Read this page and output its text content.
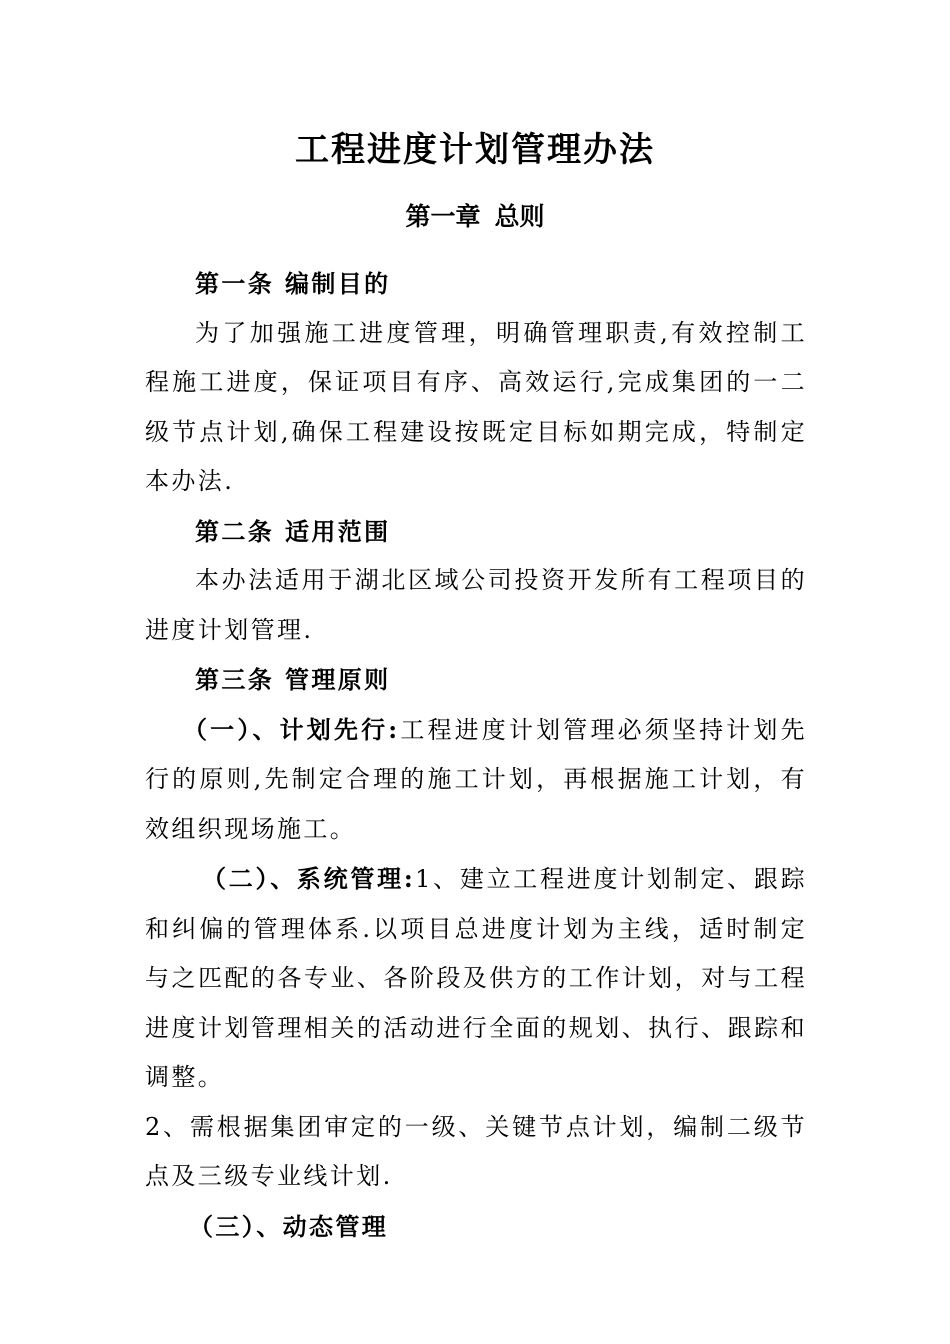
工程进度计划管理办法
第一章 总则

第一条 编制目的

为了加强施工进度管理，明确管理职责,有效控制工程施工进度，保证项目有序、高效运行,完成集团的一二级节点计划,确保工程建设按既定目标如期完成，特制定本办法.

第二条 适用范围

本办法适用于湖北区域公司投资开发所有工程项目的进度计划管理.

第三条 管理原则

（一）、计划先行:工程进度计划管理必须坚持计划先行的原则,先制定合理的施工计划，再根据施工计划，有效组织现场施工。

（二）、系统管理:1、建立工程进度计划制定、跟踪和纠偏的管理体系.以项目总进度计划为主线，适时制定与之匹配的各专业、各阶段及供方的工作计划，对与工程进度计划管理相关的活动进行全面的规划、执行、跟踪和调整。

2、需根据集团审定的一级、关键节点计划，编制二级节点及三级专业线计划.

（三）、动态管理
